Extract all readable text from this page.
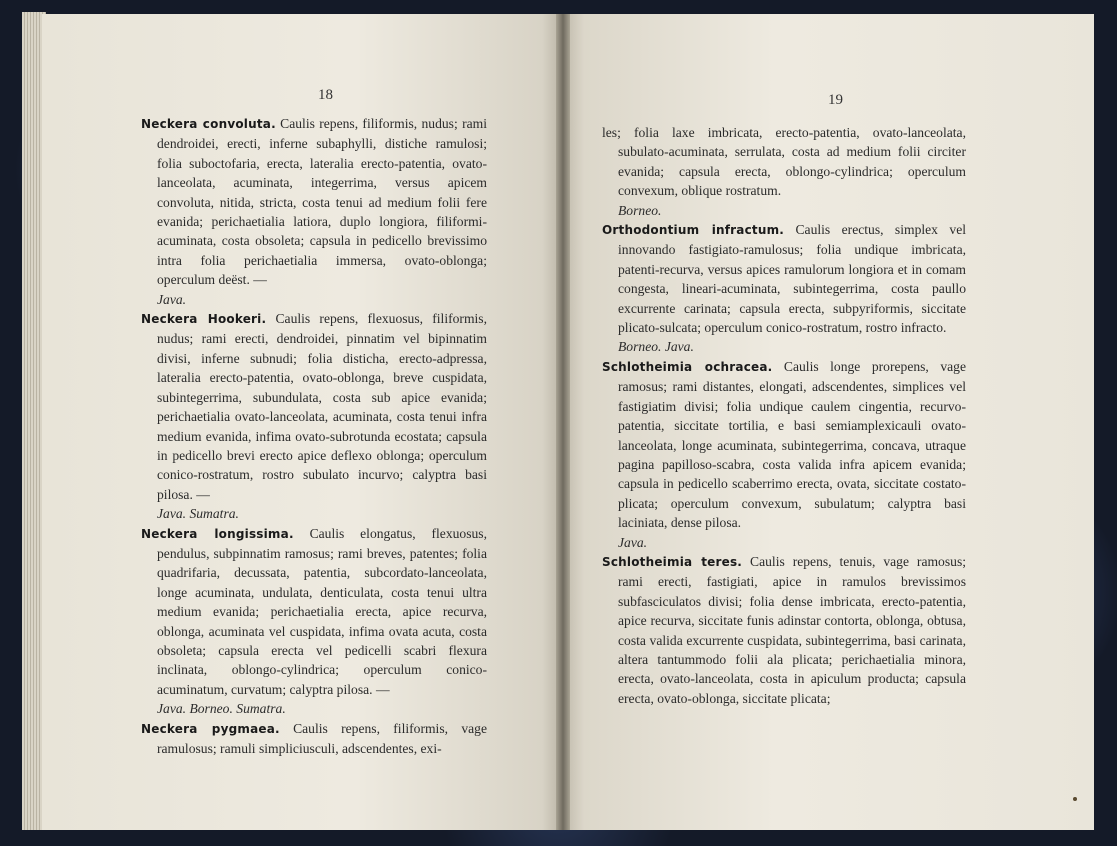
18	19
Neckera convoluta. Caulis repens, filiformis, nudus; rami dendroidei, erecti, inferne subaphylli, distiche ramulosi; folia suboctofaria, erecta, lateralia erecto-patentia, ovato-lanceolata, acuminata, integerrima, versus apicem convoluta, nitida, stricta, costa tenui ad medium folii fere evanida; perichaetialia latiora, duplo longiora, filiformi-acuminata, costa obsoleta; capsula in pedicello brevissimo intra folia perichaetialia immersa, ovato-oblonga; operculum deëst. —
Java.
Neckera Hookeri. Caulis repens, flexuosus, filiformis, nudus; rami erecti, dendroidei, pinnatim vel bipinnatim divisi, inferne subnudi; folia disticha, erecto-adpressa, lateralia erecto-patentia, ovato-oblonga, breve cuspidata, subintegerrima, subundulata, costa sub apice evanida; perichaetialia ovato-lanceolata, acuminata, costa tenui infra medium evanida, infima ovato-subrotunda ecostata; capsula in pedicello brevi erecto apice deflexo oblonga; operculum conico-rostratum, rostro subulato incurvo; calyptra basi pilosa. —
Java. Sumatra.
Neckera longissima. Caulis elongatus, flexuosus, pendulus, subpinnatim ramosus; rami breves, patentes; folia quadrifaria, decussata, patentia, subcordato-lanceolata, longe acuminata, undulata, denticulata, costa tenui ultra medium evanida; perichaetialia erecta, apice recurva, oblonga, acuminata vel cuspidata, infima ovata acuta, costa obsoleta; capsula erecta vel pedicelli scabri flexura inclinata, oblongo-cylindrica; operculum conico-acuminatum, curvatum; calyptra pilosa. —
Java. Borneo. Sumatra.
Neckera pygmaea. Caulis repens, filiformis, vage ramulosus; ramuli simpliciusculi, adscendentes, exi-
les; folia laxe imbricata, erecto-patentia, ovato-lanceolata, subulato-acuminata, serrulata, costa ad medium folii circiter evanida; capsula erecta, oblongo-cylindrica; operculum convexum, oblique rostratum.
Borneo.
Orthodontium infractum. Caulis erectus, simplex vel innovando fastigiato-ramulosus; folia undique imbricata, patenti-recurva, versus apices ramulorum longiora et in comam congesta, lineari-acuminata, subintegerrima, costa paullo excurrente carinata; capsula erecta, subpyriformis, siccitate plicato-sulcata; operculum conico-rostratum, rostro infracto.
Borneo. Java.
Schlotheimia ochracea. Caulis longe prorepens, vage ramosus; rami distantes, elongati, adscendentes, simplices vel fastigiatim divisi; folia undique caulem cingentia, recurvo-patentia, siccitate tortilia, e basi semiamplexicauli ovato-lanceolata, longe acuminata, subintegerrima, concava, utraque pagina papilloso-scabra, costa valida infra apicem evanida; capsula in pedicello scaberrimo erecta, ovata, siccitate costato-plicata; operculum convexum, subulatum; calyptra basi laciniata, dense pilosa.
Java.
Schlotheimia teres. Caulis repens, tenuis, vage ramosus; rami erecti, fastigiati, apice in ramulos brevissimos subfasciculatos divisi; folia dense imbricata, erecto-patentia, apice recurva, siccitate funis adinstar contorta, oblonga, obtusa, costa valida excurrente cuspidata, subintegerrima, basi carinata, altera tantummodo folii ala plicata; perichaetialia minora, erecta, ovato-lanceolata, costa in apiculum producta; capsula erecta, ovato-oblonga, siccitate plicata;
